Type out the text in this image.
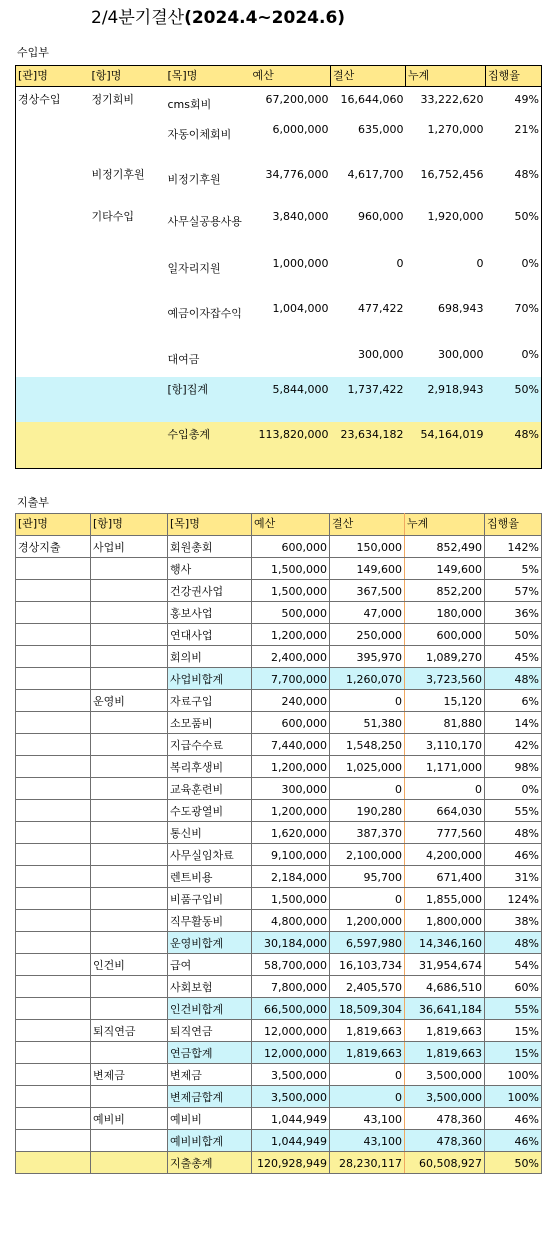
2/4분기결산(2024.4~2024.6)
수입부
[관]명	[항]명	[목]명	예산	결산	누계	집행율
경상수입	정기회비	cms회비	67,200,000	16,644,060	33,222,620	49%
		자동이체회비	6,000,000	635,000	1,270,000	21%
	비정기후원	비정기후원	34,776,000	4,617,700	16,752,456	48%
	기타수입	사무실공용사용	3,840,000	960,000	1,920,000	50%
		일자리지원	1,000,000	0	0	0%
		예금이자잡수익	1,004,000	477,422	698,943	70%
		대여금		300,000	300,000	0%
		[항]집계	5,844,000	1,737,422	2,918,943	50%
		수입총계	113,820,000	23,634,182	54,164,019	48%
지출부
[관]명	[항]명	[목]명	예산	결산	누계	집행율
경상지출	사업비	회원총회	600,000	150,000	852,490	142%
		행사	1,500,000	149,600	149,600	5%
		건강권사업	1,500,000	367,500	852,200	57%
		홍보사업	500,000	47,000	180,000	36%
		연대사업	1,200,000	250,000	600,000	50%
		회의비	2,400,000	395,970	1,089,270	45%
		사업비합계	7,700,000	1,260,070	3,723,560	48%
	운영비	자료구입	240,000	0	15,120	6%
		소모품비	600,000	51,380	81,880	14%
		지급수수료	7,440,000	1,548,250	3,110,170	42%
		복리후생비	1,200,000	1,025,000	1,171,000	98%
		교육훈련비	300,000	0	0	0%
		수도광열비	1,200,000	190,280	664,030	55%
		통신비	1,620,000	387,370	777,560	48%
		사무실임차료	9,100,000	2,100,000	4,200,000	46%
		렌트비용	2,184,000	95,700	671,400	31%
		비품구입비	1,500,000	0	1,855,000	124%
		직무활동비	4,800,000	1,200,000	1,800,000	38%
		운영비합계	30,184,000	6,597,980	14,346,160	48%
	인건비	급여	58,700,000	16,103,734	31,954,674	54%
		사회보험	7,800,000	2,405,570	4,686,510	60%
		인건비합계	66,500,000	18,509,304	36,641,184	55%
	퇴직연금	퇴직연금	12,000,000	1,819,663	1,819,663	15%
		연금합계	12,000,000	1,819,663	1,819,663	15%
	변제금	변제금	3,500,000	0	3,500,000	100%
		변제금합계	3,500,000	0	3,500,000	100%
	예비비	예비비	1,044,949	43,100	478,360	46%
		예비비합계	1,044,949	43,100	478,360	46%
		지출총계	120,928,949	28,230,117	60,508,927	50%
